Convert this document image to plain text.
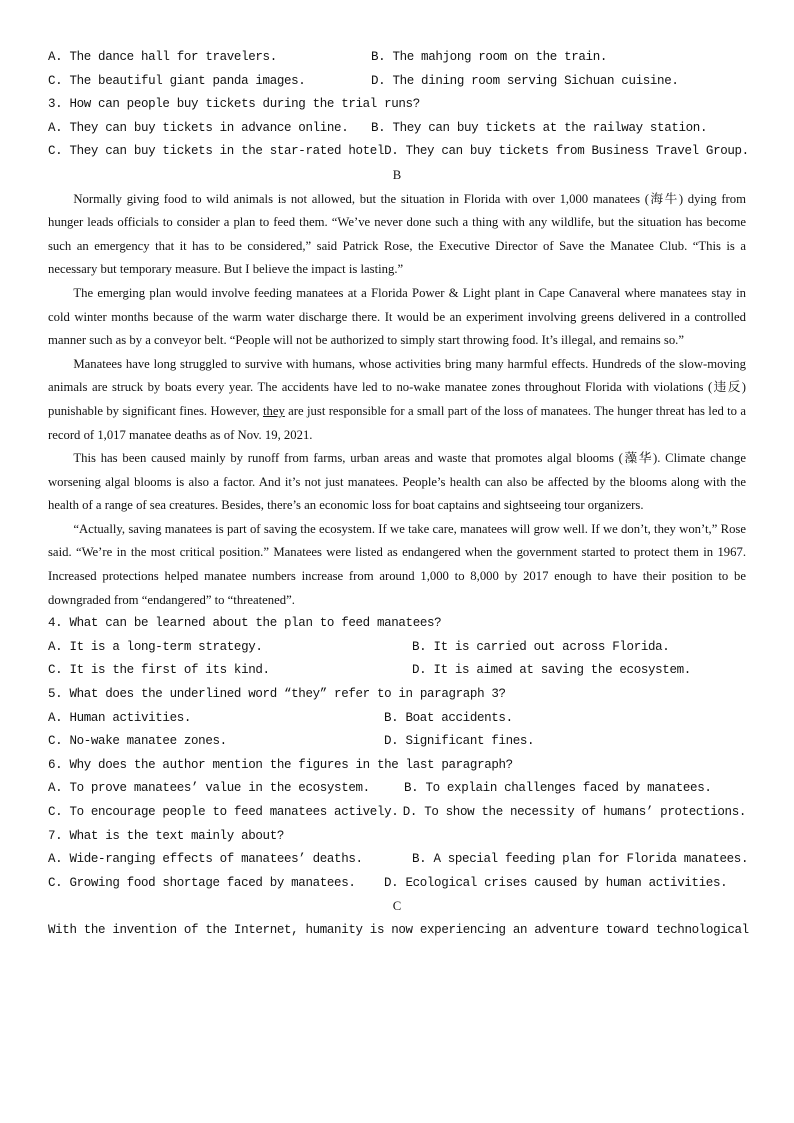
A. The dance hall for travelers.	B. The mahjong room on the train.
C. The beautiful giant panda images.	D. The dining room serving Sichuan cuisine.
3. How can people buy tickets during the trial runs?
A. They can buy tickets in advance online.	B. They can buy tickets at the railway station.
C. They can buy tickets in the star-rated hotel D. They can buy tickets from Business Travel Group.
B

Normally giving food to wild animals is not allowed, but the situation in Florida with over 1,000 manatees (海牛) dying from hunger leads officials to consider a plan to feed them. “We’ve never done such a thing with any wildlife, but the situation has become such an emergency that it has to be considered,” said Patrick Rose, the Executive Director of Save the Manatee Club. “This is a necessary but temporary measure. But I believe the impact is lasting.”

The emerging plan would involve feeding manatees at a Florida Power & Light plant in Cape Canaveral where manatees stay in cold winter months because of the warm water discharge there. It would be an experiment involving greens delivered in a controlled manner such as by a conveyor belt. “People will not be authorized to simply start throwing food. It’s illegal, and remains so.”

Manatees have long struggled to survive with humans, whose activities bring many harmful effects. Hundreds of the slow-moving animals are struck by boats every year. The accidents have led to no-wake manatee zones throughout Florida with violations (违反) punishable by significant fines. However, they are just responsible for a small part of the loss of manatees. The hunger threat has led to a record of 1,017 manatee deaths as of Nov. 19, 2021.

This has been caused mainly by runoff from farms, urban areas and waste that promotes algal blooms (藻华). Climate change worsening algal blooms is also a factor. And it’s not just manatees. People’s health can also be affected by the blooms along with the health of a range of sea creatures. Besides, there’s an economic loss for boat captains and sightseeing tour organizers.

“Actually, saving manatees is part of saving the ecosystem. If we take care, manatees will grow well. If we don’t, they won’t,” Rose said. “We’re in the most critical position.” Manatees were listed as endangered when the government started to protect them in 1967. Increased protections helped manatee numbers increase from around 1,000 to 8,000 by 2017 enough to have their position to be downgraded from “endangered” to “threatened”.

4. What can be learned about the plan to feed manatees?
A. It is a long-term strategy.	B. It is carried out across Florida.
C. It is the first of its kind.	D. It is aimed at saving the ecosystem.
5. What does the underlined word “they” refer to in paragraph 3?
A. Human activities.	B. Boat accidents.
C. No-wake manatee zones.	D. Significant fines.
6. Why does the author mention the figures in the last paragraph?
A. To prove manatees’ value in the ecosystem.	B. To explain challenges faced by manatees.
C. To encourage people to feed manatees actively. D. To show the necessity of humans’ protections.
7. What is the text mainly about?
A. Wide-ranging effects of manatees’ deaths.	B. A special feeding plan for Florida manatees.
C. Growing food shortage faced by manatees.	D. Ecological crises caused by human activities.
C
With the invention of the Internet, humanity is now experiencing an adventure toward technological
